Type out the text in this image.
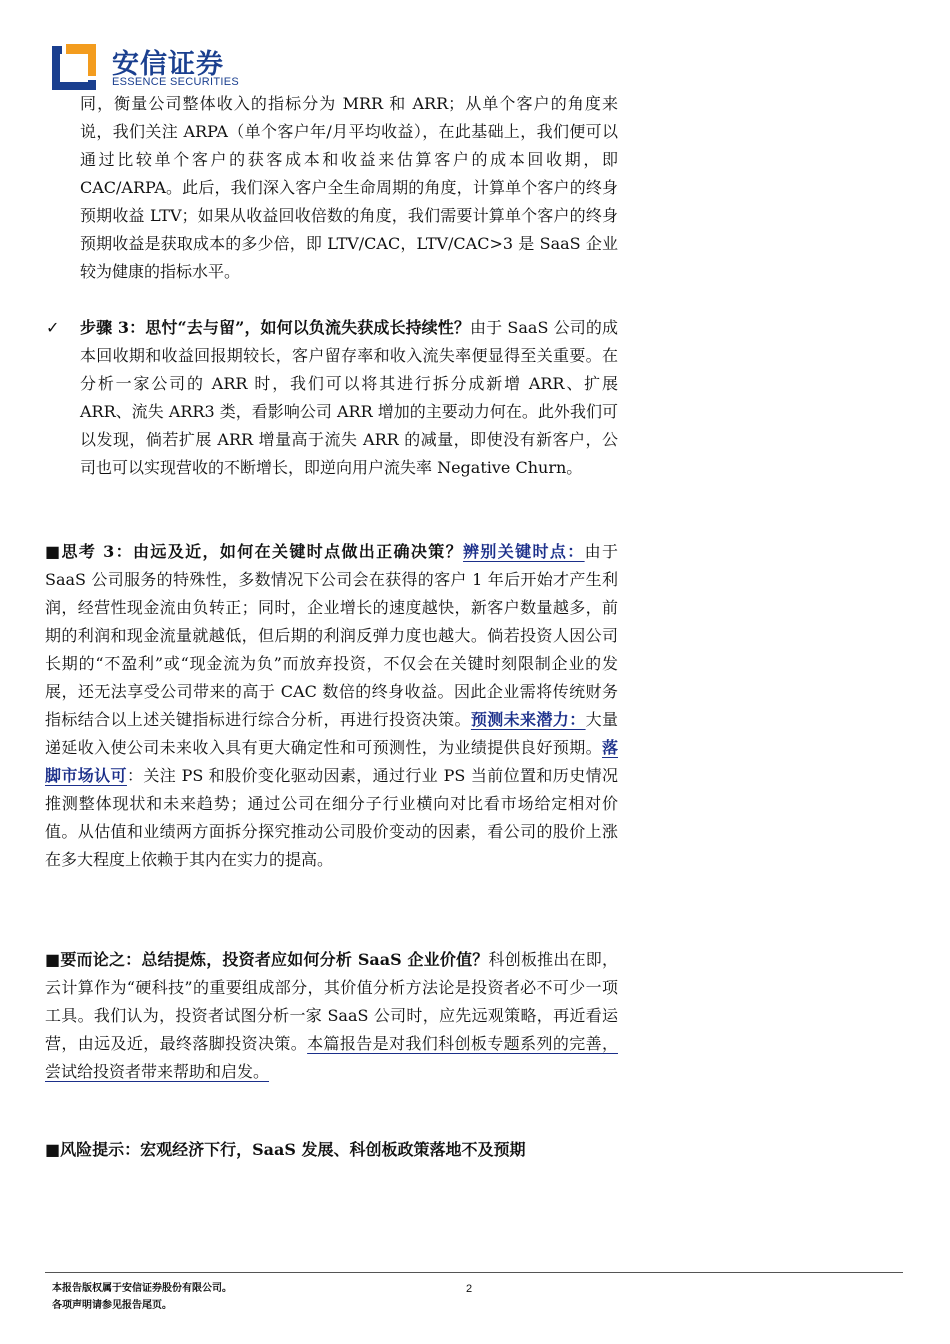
安信证券
ESSENCE SECURITIES
同，衡量公司整体收入的指标分为 MRR 和 ARR；从单个客户的角度来说，我们关注 ARPA（单个客户年/月平均收益），在此基础上，我们便可以通过比较单个客户的获客成本和收益来估算客户的成本回收期，即 CAC/ARPA。此后，我们深入客户全生命周期的角度，计算单个客户的终身预期收益 LTV；如果从收益回收倍数的角度，我们需要计算单个客户的终身预期收益是获取成本的多少倍，即 LTV/CAC，LTV/CAC>3 是 SaaS 企业较为健康的指标水平。
✓ 步骤 3：思忖“去与留”，如何以负流失获成长持续性？由于 SaaS 公司的成本回收期和收益回报期较长，客户留存率和收入流失率便显得至关重要。在分析一家公司的 ARR 时，我们可以将其进行拆分成新增 ARR、扩展 ARR、流失 ARR3 类，看影响公司 ARR 增加的主要动力何在。此外我们可以发现，倘若扩展 ARR 增量高于流失 ARR 的减量，即使没有新客户，公司也可以实现营收的不断增长，即逆向用户流失率 Negative Churn。
■思考 3：由远及近，如何在关键时点做出正确决策？辨别关键时点：由于 SaaS 公司服务的特殊性，多数情况下公司会在获得的客户 1 年后开始才产生利润，经营性现金流由负转正；同时，企业增长的速度越快，新客户数量越多，前期的利润和现金流量就越低，但后期的利润反弹力度也越大。倘若投资人因公司长期的“不盈利”或“现金流为负”而放弃投资，不仅会在关键时刻限制企业的发展，还无法享受公司带来的高于 CAC 数倍的终身收益。因此企业需将传统财务指标结合以上述关键指标进行综合分析，再进行投资决策。预测未来潜力：大量递延收入使公司未来收入具有更大确定性和可预测性，为业绩提供良好预期。落脚市场认可：关注 PS 和股价变化驱动因素，通过行业 PS 当前位置和历史情况推测整体现状和未来趋势；通过公司在细分子行业横向对比看市场给定相对价值。从估值和业绩两方面拆分探究推动公司股价变动的因素，看公司的股价上涨在多大程度上依赖于其内在实力的提高。
■要而论之：总结提炼，投资者应如何分析 SaaS 企业价值？科创板推出在即，云计算作为“硬科技”的重要组成部分，其价值分析方法论是投资者必不可少一项工具。我们认为，投资者试图分析一家 SaaS 公司时，应先远观策略，再近看运营，由远及近，最终落脚投资决策。本篇报告是对我们科创板专题系列的完善，尝试给投资者带来帮助和启发。
■风险提示：宏观经济下行，SaaS 发展、科创板政策落地不及预期
本报告版权属于安信证券股份有限公司。
各项声明请参见报告尾页。
2
